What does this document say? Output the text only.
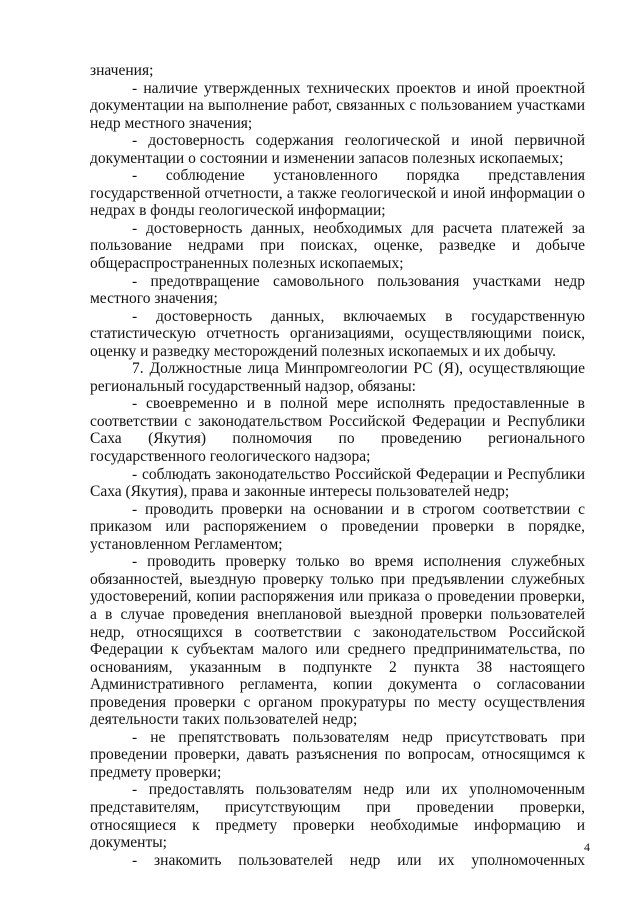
значения;

- наличие утвержденных технических проектов и иной проектной документации на выполнение работ, связанных с пользованием участками недр местного значения;

- достоверность содержания геологической и иной первичной документации о состоянии и изменении запасов полезных ископаемых;

- соблюдение установленного порядка представления государственной отчетности, а также геологической и иной информации о недрах в фонды геологической информации;

- достоверность данных, необходимых для расчета платежей за пользование недрами при поисках, оценке, разведке и добыче общераспространенных полезных ископаемых;

- предотвращение самовольного пользования участками недр местного значения;

- достоверность данных, включаемых в государственную статистическую отчетность организациями, осуществляющими поиск, оценку и разведку месторождений полезных ископаемых и их добычу.

7. Должностные лица Минпромгеологии РС (Я), осуществляющие региональный государственный надзор, обязаны:

- своевременно и в полной мере исполнять предоставленные в соответствии с законодательством Российской Федерации и Республики Саха (Якутия) полномочия по проведению регионального государственного геологического надзора;

- соблюдать законодательство Российской Федерации и Республики Саха (Якутия), права и законные интересы пользователей недр;

- проводить проверки на основании и в строгом соответствии с приказом или распоряжением о проведении проверки в порядке, установленном Регламентом;

- проводить проверку только во время исполнения служебных обязанностей, выездную проверку только при предъявлении служебных удостоверений, копии распоряжения или приказа о проведении проверки, а в случае проведения внеплановой выездной проверки пользователей недр, относящихся в соответствии с законодательством Российской Федерации к субъектам малого или среднего предпринимательства, по основаниям, указанным в подпункте 2 пункта 38 настоящего Административного регламента, копии документа о согласовании проведения проверки с органом прокуратуры по месту осуществления деятельности таких пользователей недр;

- не препятствовать пользователям недр присутствовать при проведении проверки, давать разъяснения по вопросам, относящимся к предмету проверки;

- предоставлять пользователям недр или их уполномоченным представителям, присутствующим при проведении проверки, относящиеся к предмету проверки необходимые информацию и документы;

- знакомить пользователей недр или их уполномоченных

4
